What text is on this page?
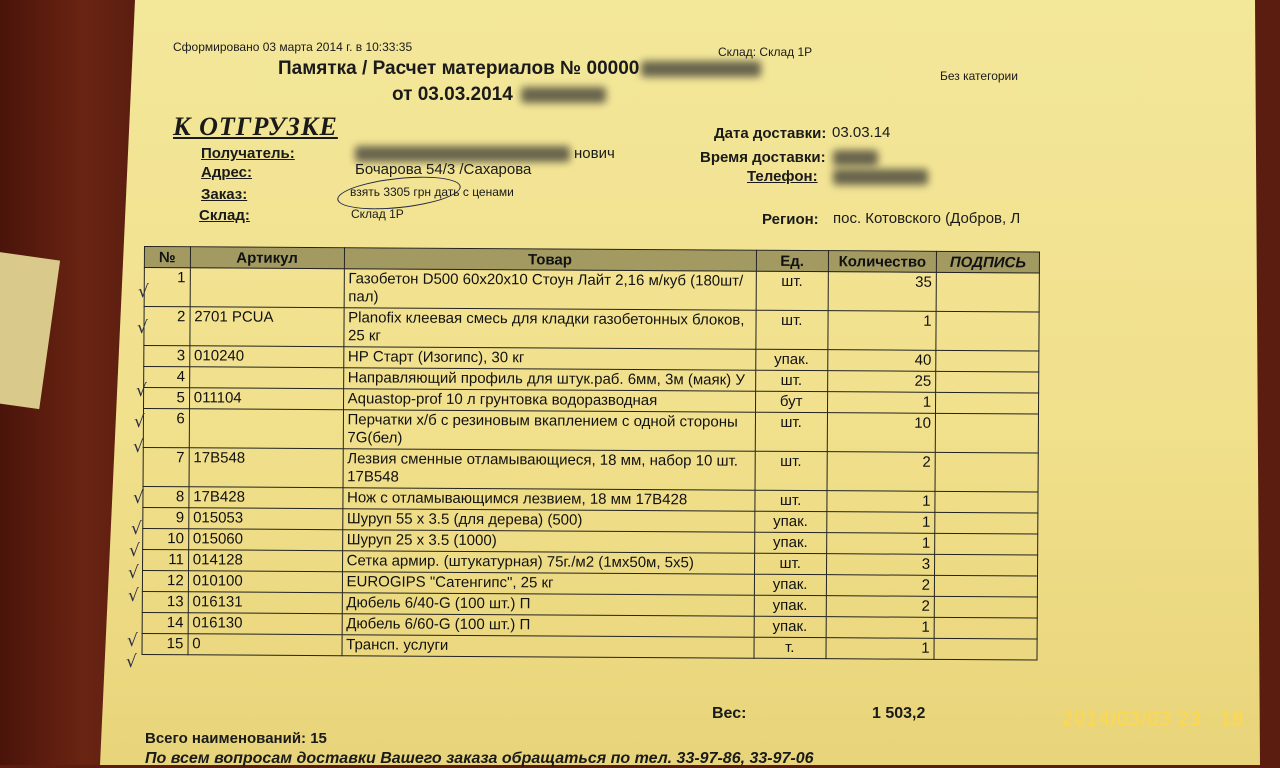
Сформировано 03 марта 2014 г. в 10:33:35	Склад: Склад 1Р
Памятка / Расчет материалов № 00000
от 03.03.2014
Без категории
К ОТГРУЗКЕ
Получатель:	нович
Адрес:	Бочарова 54/3 /Сахарова
Заказ:	взять 3305 грн дать с ценами
Склад:	Склад 1Р
Дата доставки: 03.03.14
Время доставки:
Телефон:
Регион: пос. Котовского (Добров, Л
№	Артикул	Товар	Ед.	Количество	ПОДПИСЬ
1		Газобетон D500 60х20х10 Стоун Лайт 2,16 м/куб (180шт/пал)	шт.	35	
2	2701 PCUA	Planofix клеевая смесь для кладки газобетонных блоков, 25 кг	шт.	1	
3	010240	НР Старт (Изогипс), 30 кг	упак.	40	
4		Направляющий профиль для штук.раб. 6мм, 3м (маяк) У	шт.	25	
5	011104	Aquastop-prof 10 л грунтовка водоразводная	бут	1	
6		Перчатки х/б с резиновым вкаплением с одной стороны 7G(бел)	шт.	10	
7	17B548	Лезвия сменные отламывающиеся, 18 мм, набор 10 шт. 17B548	шт.	2	
8	17B428	Нож с отламывающимся лезвием, 18 мм 17B428	шт.	1	
9	015053	Шуруп 55 х 3.5 (для дерева) (500)	упак.	1	
10	015060	Шуруп 25 х 3.5 (1000)	упак.	1	
11	014128	Сетка армир. (штукатурная) 75г./м2 (1мх50м, 5х5)	шт.	3	
12	010100	EUROGIPS "Сатенгипс", 25 кг	упак.	2	
13	016131	Дюбель 6/40-G (100 шт.) П	упак.	2	
14	016130	Дюбель 6/60-G (100 шт.) П	упак.	1	
15	0	Трансп. услуги	т.	1	
√
√
√
√
√
√
√
√
√
√
√
√
Вес:	1 503,2
Всего наименований: 15
По всем вопросам доставки Вашего заказа обращаться по тел. 33-97-86, 33-97-06
2014/03/03 23 : 18
